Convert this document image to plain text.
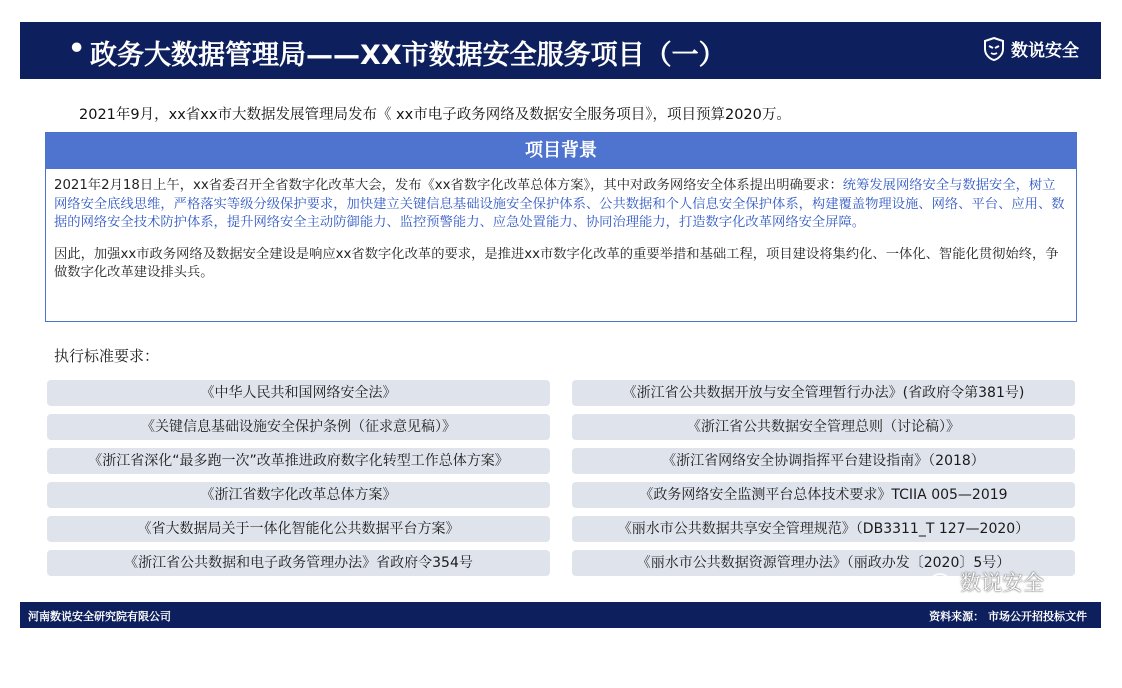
• 政务大数据管理局——XX市数据安全服务项目（一）	数说安全
2021年9月，xx省xx市大数据发展管理局发布《 xx市电子政务网络及数据安全服务项目》，项目预算2020万。
项目背景
2021年2月18日上午，xx省委召开全省数字化改革大会，发布《xx省数字化改革总体方案》，其中对政务网络安全体系提出明确要求：统筹发展网络安全与数据安全，树立网络安全底线思维，严格落实等级分级保护要求，加快建立关键信息基础设施安全保护体系、公共数据和个人信息安全保护体系，构建覆盖物理设施、网络、平台、应用、数据的网络安全技术防护体系，提升网络安全主动防御能力、监控预警能力、应急处置能力、协同治理能力，打造数字化改革网络安全屏障。
因此，加强xx市政务网络及数据安全建设是响应xx省数字化改革的要求，是推进xx市数字化改革的重要举措和基础工程，项目建设将集约化、一体化、智能化贯彻始终，争做数字化改革建设排头兵。
执行标准要求：
《中华人民共和国网络安全法》
《关键信息基础设施安全保护条例（征求意见稿）》
《浙江省深化“最多跑一次”改革推进政府数字化转型工作总体方案》
《浙江省数字化改革总体方案》
《省大数据局关于一体化智能化公共数据平台方案》
《浙江省公共数据和电子政务管理办法》省政府令354号
《浙江省公共数据开放与安全管理暂行办法》(省政府令第381号)
《浙江省公共数据安全管理总则（讨论稿）》
《浙江省网络安全协调指挥平台建设指南》（2018）
《政务网络安全监测平台总体技术要求》TCIIA 005—2019
《丽水市公共数据共享安全管理规范》（DB3311_T 127—2020）
《丽水市公共数据资源管理办法》（丽政办发〔2020〕5号）
数说安全
河南数说安全研究院有限公司	资料来源： 市场公开招投标文件
